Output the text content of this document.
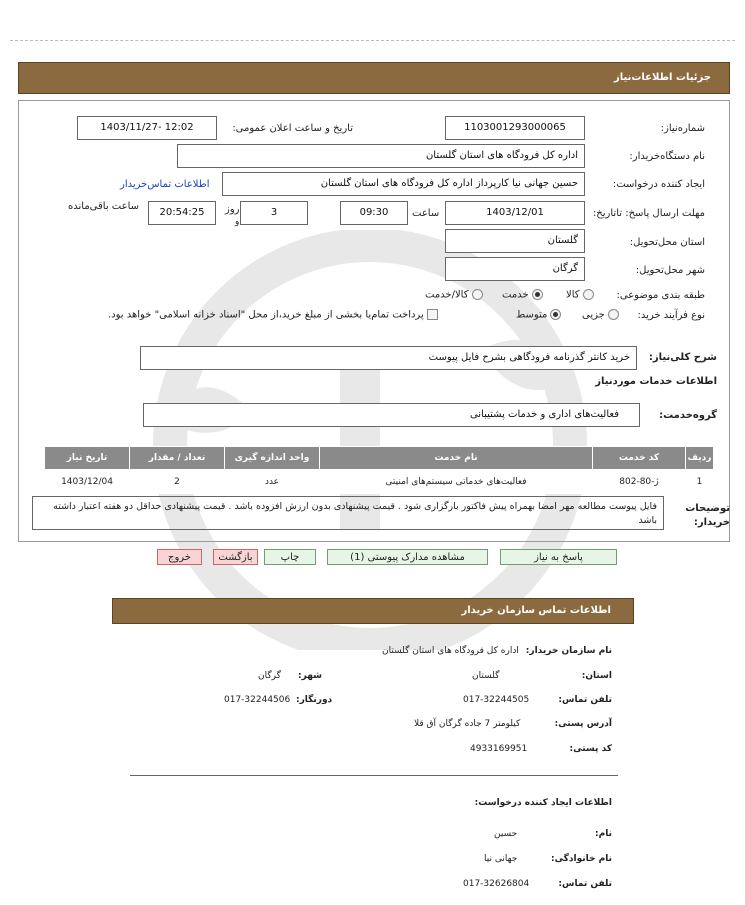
جزئیات اطلاعات‌نیاز
شماره‌نیاز:
1103001293000065
تاریخ و ساعت اعلان عمومی:
1403/11/27- 12:02
نام دستگاه‌خریدار:
اداره کل فرودگاه های استان گلستان
ایجاد کننده درخواست:
حسین جهانی نیا کارپرداز اداره کل فرودگاه های استان گلستان
اطلاعات تماس‌خریدار
مهلت ارسال پاسخ: تاتاریخ:
1403/12/01
ساعت
09:30
3
روز
و
20:54:25
ساعت باقی‌مانده
استان محل‌تحویل:
گلستان
شهر محل‌تحویل:
گرگان
طبقه بندی موضوعی:
کالا
خدمت
کالا/خدمت
نوع فرآیند خرید:
جزیی
متوسط
پرداخت تمام‌یا بخشی از مبلغ خرید،از محل "اسناد خزانه اسلامی" خواهد بود.
شرح کلی‌نیاز:
خرید کانتر گذرنامه فرودگاهی بشرح فایل پیوست
اطلاعات خدمات موردنیاز
گروه‌خدمت:
فعالیت‌های اداری و خدمات پشتیبانی
ردیف	کد خدمت	نام خدمت	واحد اندازه گیری	تعداد / مقدار	تاریخ نیاز
1	ژ-80-802	فعالیت‌های خدماتی سیستم‌های امنیتی	عدد	2	1403/12/04
توضیحات خریدار:
فایل پیوست مطالعه مهر امضا بهمراه پیش فاکتور بارگزاری شود . قیمت پیشنهادی بدون ارزش افزوده باشد . قیمت پیشنهادی حداقل دو هفته اعتبار داشته باشد
پاسخ به نیاز
مشاهده مدارک پیوستی (1)
چاپ
بازگشت
خروج
اطلاعات تماس سازمان خریدار
نام سازمان خریدار:
اداره کل فرودگاه های استان گلستان
استان:
گلستان
شهر:
گرگان
تلفن تماس:
017-32244505
دورنگار:
017-32244506
آدرس پستی:
کیلومتر 7 جاده گرگان آق قلا
کد پستی:
4933169951
اطلاعات ایجاد کننده درخواست:
نام:
حسین
نام خانوادگی:
جهانی نیا
تلفن تماس:
017-32626804
